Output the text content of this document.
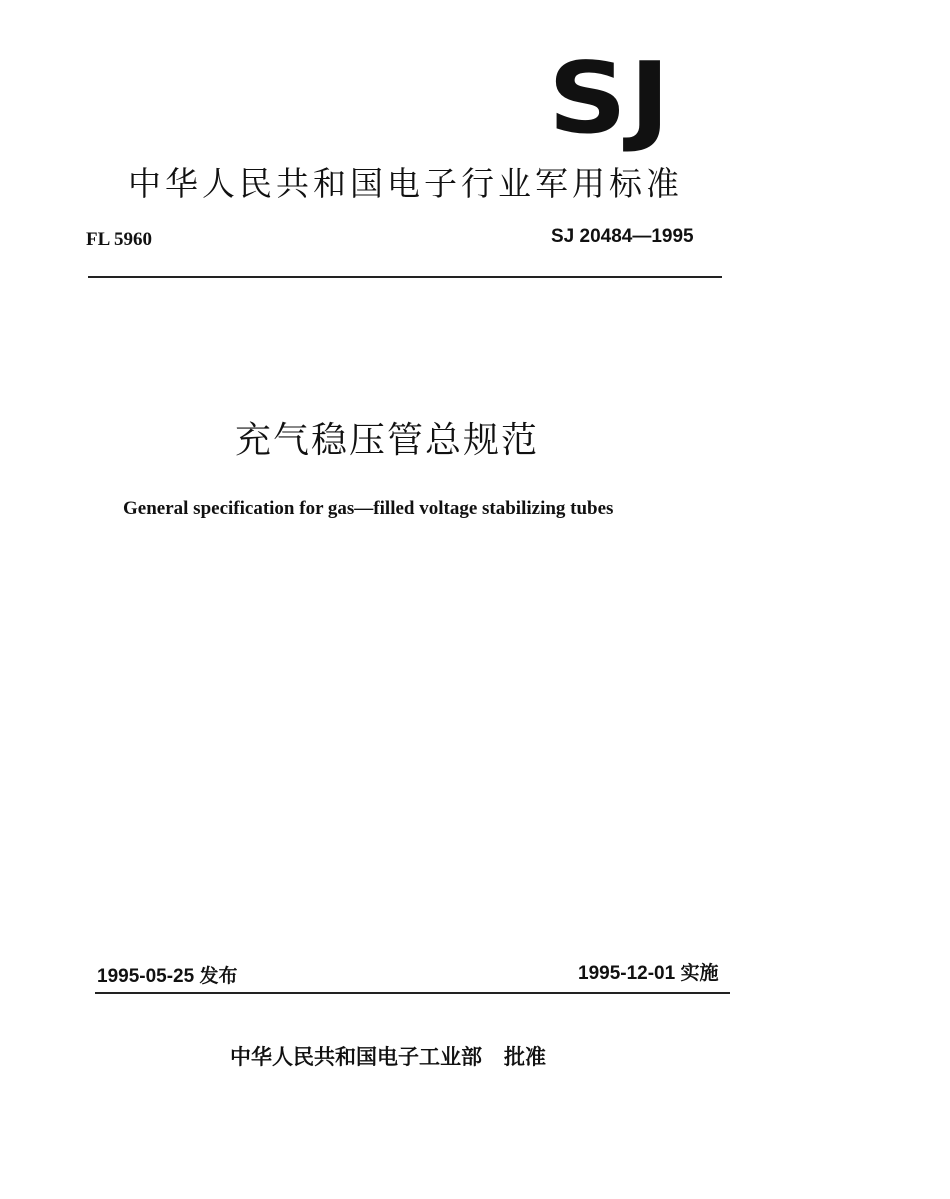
SJ
中华人民共和国电子行业军用标准
FL 5960	SJ 20484—1995
充气稳压管总规范
General specification for gas—filled voltage stabilizing tubes
1995-05-25 发布	1995-12-01 实施
中华人民共和国电子工业部 批准
